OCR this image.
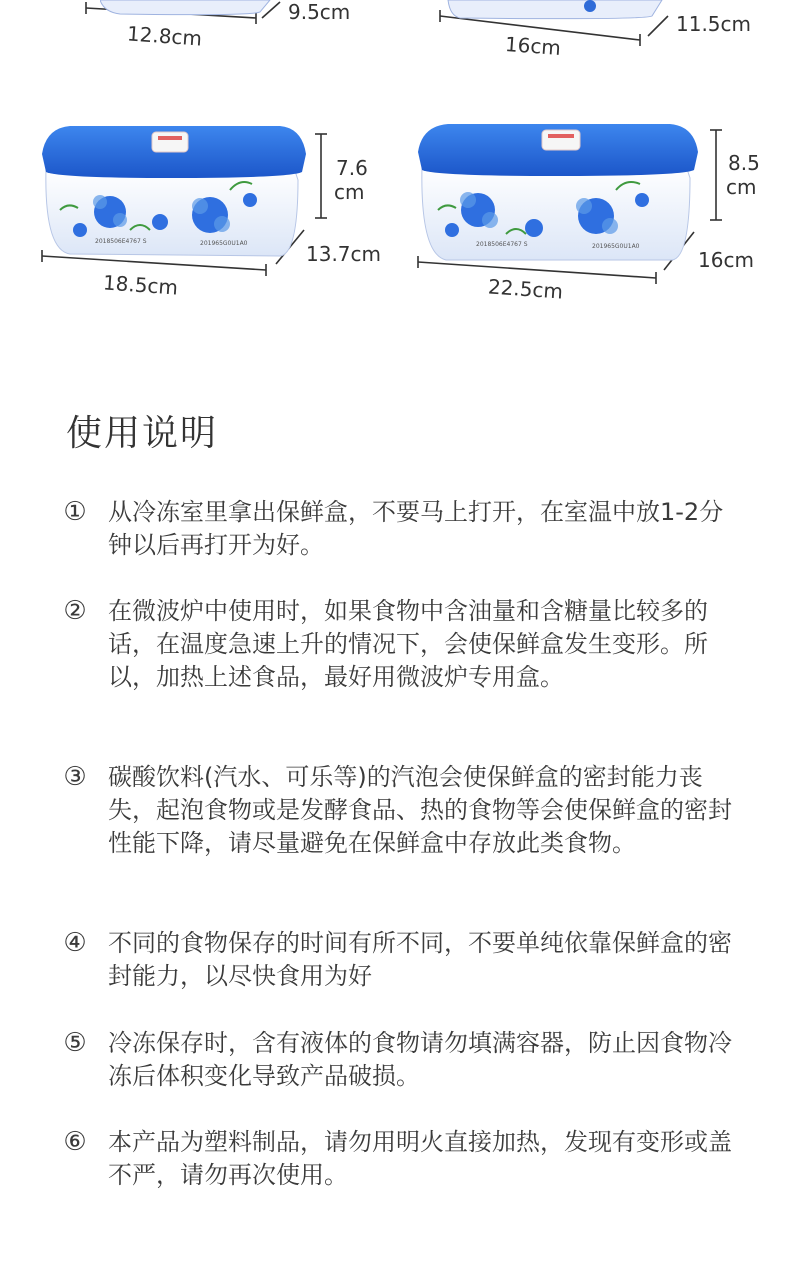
2018506E4767 S	201965G0U1A0	2018506E4767 S	201965G0U1A0
12.8cm
9.5cm
16cm
11.5cm
18.5cm
13.7cm
7.6
cm
22.5cm
16cm
8.5
cm
使用说明
① 从冷冻室里拿出保鲜盒，不要马上打开，在室温中放1-2分钟以后再打开为好。
② 在微波炉中使用时，如果食物中含油量和含糖量比较多的话，在温度急速上升的情况下，会使保鲜盒发生变形。所以，加热上述食品，最好用微波炉专用盒。
③ 碳酸饮料(汽水、可乐等)的汽泡会使保鲜盒的密封能力丧失，起泡食物或是发酵食品、热的食物等会使保鲜盒的密封性能下降，请尽量避免在保鲜盒中存放此类食物。
④ 不同的食物保存的时间有所不同，不要单纯依靠保鲜盒的密封能力，以尽快食用为好
⑤ 冷冻保存时，含有液体的食物请勿填满容器，防止因食物冷冻后体积变化导致产品破损。
⑥ 本产品为塑料制品，请勿用明火直接加热，发现有变形或盖不严，请勿再次使用。
